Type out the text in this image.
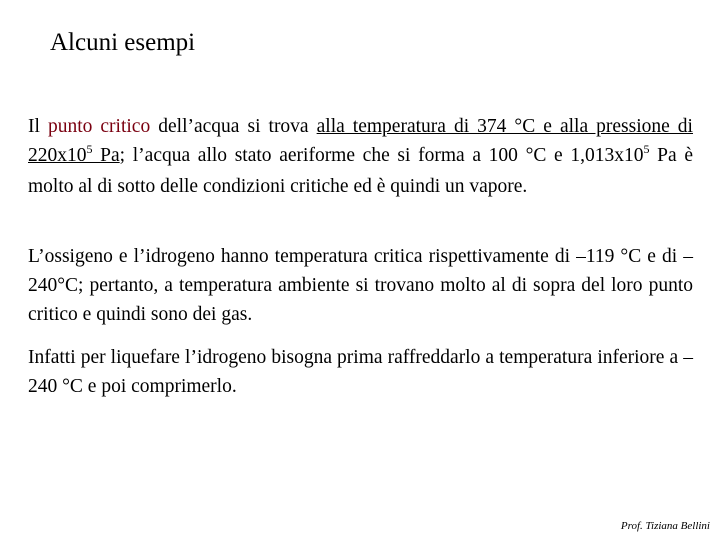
Alcuni esempi
Il punto critico dell’acqua si trova alla temperatura di 374 °C e alla pressione di $220x10^5$ Pa; l’acqua allo stato aeriforme che si forma a 100 °C e $1,013x10^5$ Pa è molto al di sotto delle condizioni critiche ed è quindi un vapore.
L’ossigeno e l’idrogeno hanno temperatura critica rispettivamente di –119 °C e di –240°C; pertanto, a temperatura ambiente si trovano molto al di sopra del loro punto critico e quindi sono dei gas.
Infatti per liquefare l’idrogeno bisogna prima raffreddarlo a temperatura inferiore a –240 °C e poi comprimerlo.
Prof. Tiziana Bellini
